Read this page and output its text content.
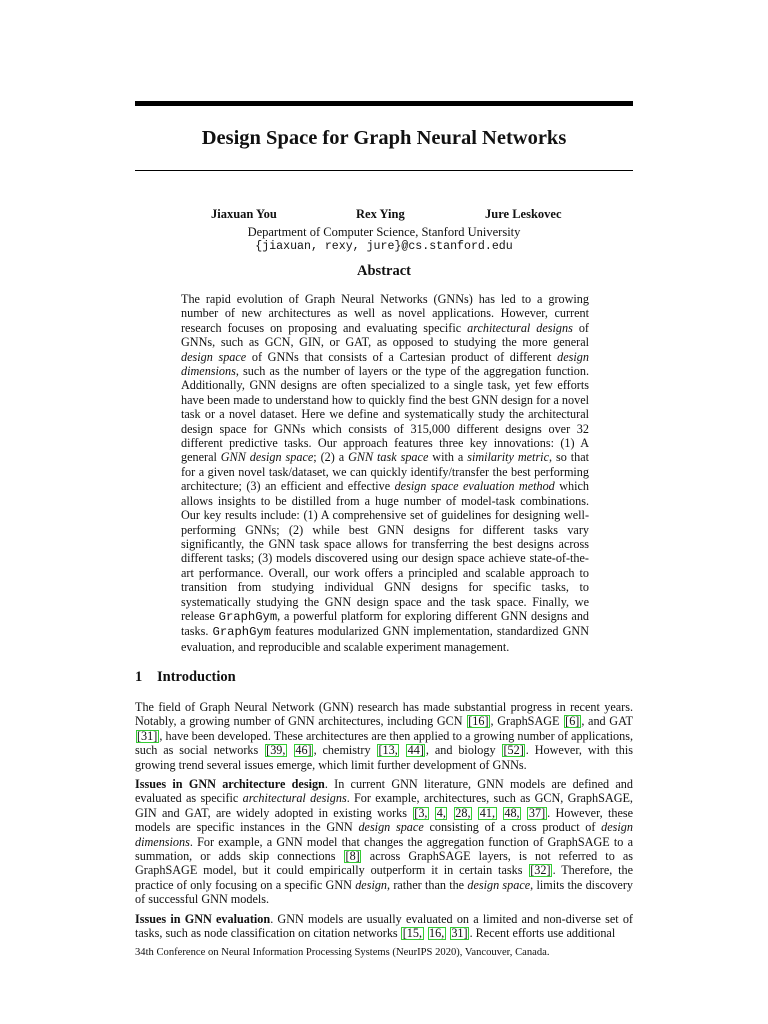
Design Space for Graph Neural Networks
Jiaxuan You	Rex Ying	Jure Leskovec
Department of Computer Science, Stanford University
{jiaxuan, rexy, jure}@cs.stanford.edu
Abstract
The rapid evolution of Graph Neural Networks (GNNs) has led to a growing number of new architectures as well as novel applications. However, current research focuses on proposing and evaluating specific architectural designs of GNNs, such as GCN, GIN, or GAT, as opposed to studying the more general design space of GNNs that consists of a Cartesian product of different design dimensions, such as the number of layers or the type of the aggregation function. Additionally, GNN designs are often specialized to a single task, yet few efforts have been made to understand how to quickly find the best GNN design for a novel task or a novel dataset. Here we define and systematically study the architectural design space for GNNs which consists of 315,000 different designs over 32 different predictive tasks. Our approach features three key innovations: (1) A general GNN design space; (2) a GNN task space with a similarity metric, so that for a given novel task/dataset, we can quickly identify/transfer the best performing architecture; (3) an efficient and effective design space evaluation method which allows insights to be distilled from a huge number of model-task combinations. Our key results include: (1) A comprehensive set of guidelines for designing well-performing GNNs; (2) while best GNN designs for different tasks vary significantly, the GNN task space allows for transferring the best designs across different tasks; (3) models discovered using our design space achieve state-of-the-art performance. Overall, our work offers a principled and scalable approach to transition from studying individual GNN designs for specific tasks, to systematically studying the GNN design space and the task space. Finally, we release GraphGym, a powerful platform for exploring different GNN designs and tasks. GraphGym features modularized GNN implementation, standardized GNN evaluation, and reproducible and scalable experiment management.
1 Introduction

The field of Graph Neural Network (GNN) research has made substantial progress in recent years. Notably, a growing number of GNN architectures, including GCN [16] , GraphSAGE [6] , and GAT [31] , have been developed. These architectures are then applied to a growing number of applications, such as social networks [39, 46] , chemistry [13, 44] , and biology [52] . However, with this growing trend several issues emerge, which limit further development of GNNs.

Issues in GNN architecture design. In current GNN literature, GNN models are defined and evaluated as specific architectural designs. For example, architectures, such as GCN, GraphSAGE, GIN and GAT, are widely adopted in existing works [3, 4, 28, 41, 48, 37] . However, these models are specific instances in the GNN design space consisting of a cross product of design dimensions. For example, a GNN model that changes the aggregation function of GraphSAGE to a summation, or adds skip connections [8] across GraphSAGE layers, is not referred to as GraphSAGE model, but it could empirically outperform it in certain tasks [32] . Therefore, the practice of only focusing on a specific GNN design, rather than the design space, limits the discovery of successful GNN models.

Issues in GNN evaluation. GNN models are usually evaluated on a limited and non-diverse set of tasks, such as node classification on citation networks [15, 16, 31] . Recent efforts use additional

34th Conference on Neural Information Processing Systems (NeurIPS 2020), Vancouver, Canada.
